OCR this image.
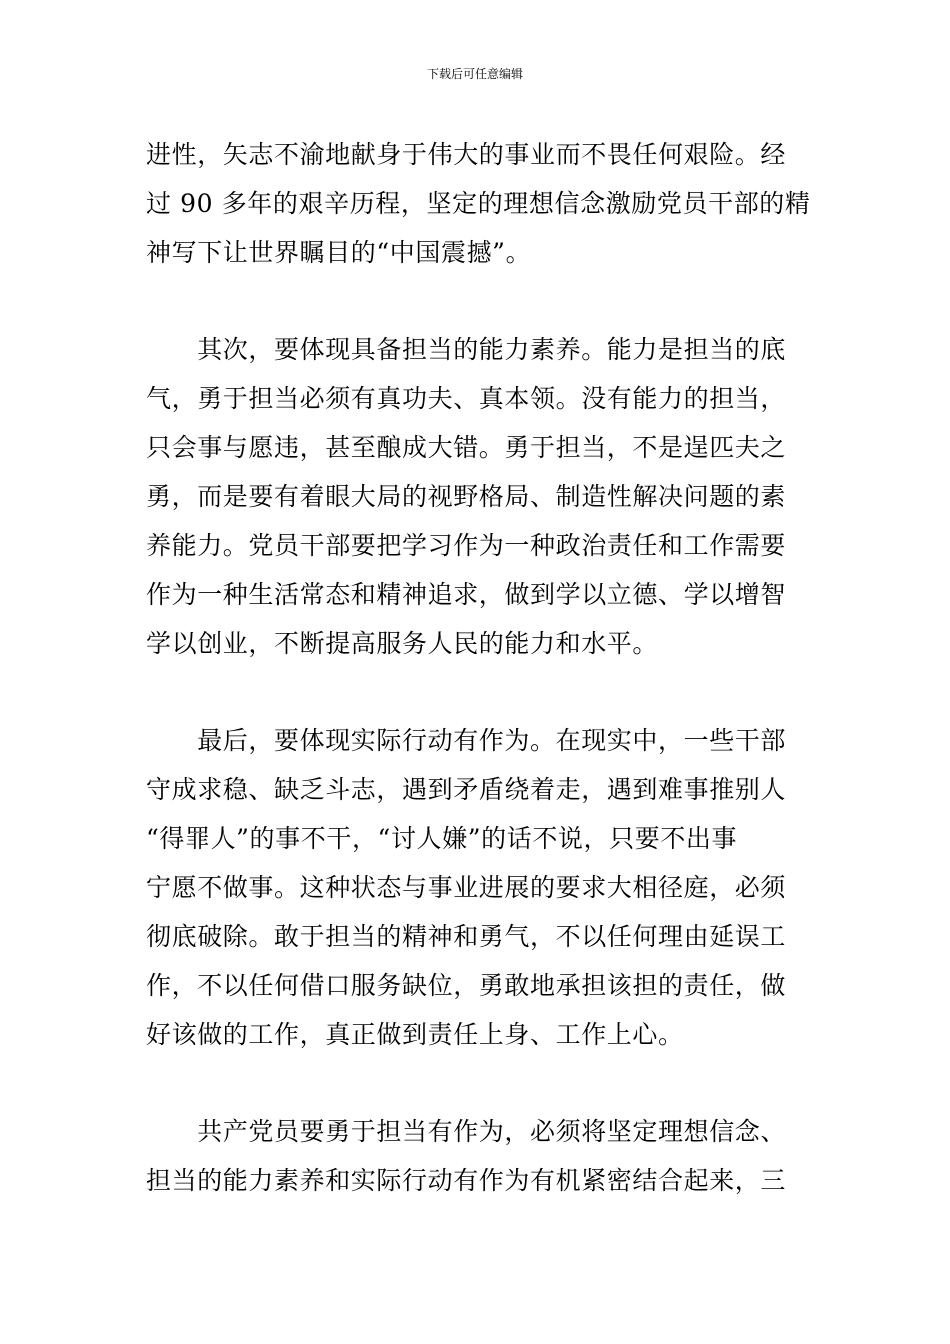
下载后可任意编辑
进性，矢志不渝地献身于伟大的事业而不畏任何艰险。经
过 90 多年的艰辛历程，坚定的理想信念激励党员干部的精
神写下让世界瞩目的“中国震撼”。
　　其次，要体现具备担当的能力素养。能力是担当的底
气，勇于担当必须有真功夫、真本领。没有能力的担当，
只会事与愿违，甚至酿成大错。勇于担当，不是逞匹夫之
勇，而是要有着眼大局的视野格局、制造性解决问题的素
养能力。党员干部要把学习作为一种政治责任和工作需要
作为一种生活常态和精神追求，做到学以立德、学以增智
学以创业，不断提高服务人民的能力和水平。
　　最后，要体现实际行动有作为。在现实中，一些干部
守成求稳、缺乏斗志，遇到矛盾绕着走，遇到难事推别人
“得罪人”的事不干，“讨人嫌”的话不说，只要不出事
宁愿不做事。这种状态与事业进展的要求大相径庭，必须
彻底破除。敢于担当的精神和勇气，不以任何理由延误工
作，不以任何借口服务缺位，勇敢地承担该担的责任，做
好该做的工作，真正做到责任上身、工作上心。
　　共产党员要勇于担当有作为，必须将坚定理想信念、
担当的能力素养和实际行动有作为有机紧密结合起来，三
